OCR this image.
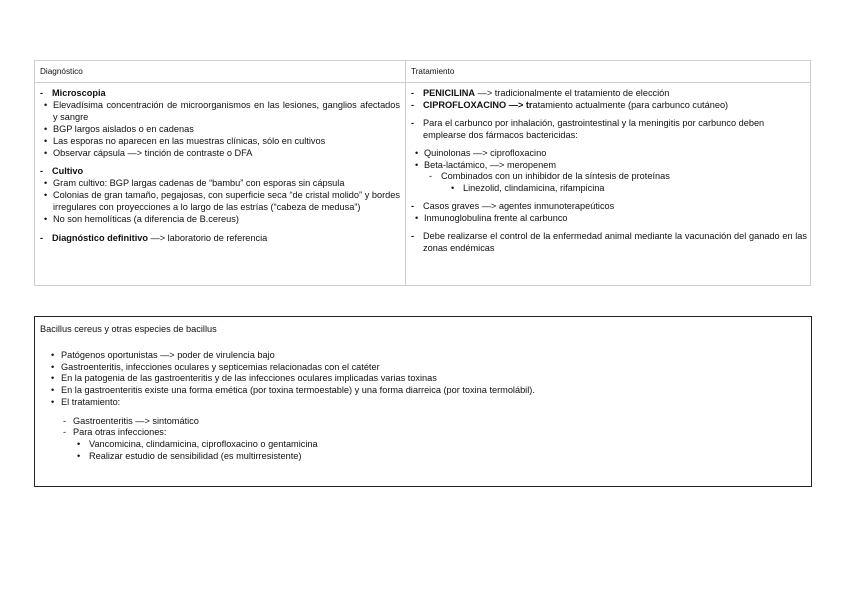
Diagnóstico	Tratamiento
- Microscopia
• Elevadísima concentración de microorganismos en las lesiones, ganglios afectados y sangre
• BGP largos aislados o en cadenas
• Las esporas no aparecen en las muestras clínicas, sólo en cultivos
• Observar cápsula —> tinción de contraste o DFA
- Cultivo
• Gram cultivo: BGP largas cadenas de “bambu” con esporas sin cápsula
• Colonias de gran tamaño, pegajosas, con superficie seca “de cristal molido” y bordes irregulares con proyecciones a lo largo de las estrías (“cabeza de medusa”)
• No son hemolíticas (a diferencia de B.cereus)
- Diagnóstico definitivo —> laboratorio de referencia
- PENICILINA —> tradicionalmente el tratamiento de elección
- CIPROFLOXACINO —> tratamiento actualmente (para carbunco cutáneo)
- Para el carbunco por inhalación, gastrointestinal y la meningitis por carbunco deben emplearse dos fármacos bactericidas:
• Quinolonas —> ciprofloxacino
• Beta-lactámico, —> meropenem
- Combinados con un inhibidor de la síntesis de proteínas
• Linezolid, clindamicina, rifampicina
- Casos graves —> agentes inmunoterapeúticos
• Inmunoglobulina frente al carbunco
- Debe realizarse el control de la enfermedad animal mediante la vacunación del ganado en las zonas endémicas
Bacillus cereus y otras especies de bacillus
• Patógenos oportunistas —> poder de virulencia bajo
• Gastroenteritis, infecciones oculares y septicemias relacionadas con el catéter
• En la patogenia de las gastroenteritis y de las infecciones oculares implicadas varias toxinas
• En la gastroenteritis existe una forma emética (por toxina termoestable) y una forma diarreica (por toxina termolábil).
• El tratamiento:
- Gastroenteritis —> sintomático
- Para otras infecciones:
• Vancomicina, clindamicina, ciprofloxacino o gentamicina
• Realizar estudio de sensibilidad (es multirresistente)
